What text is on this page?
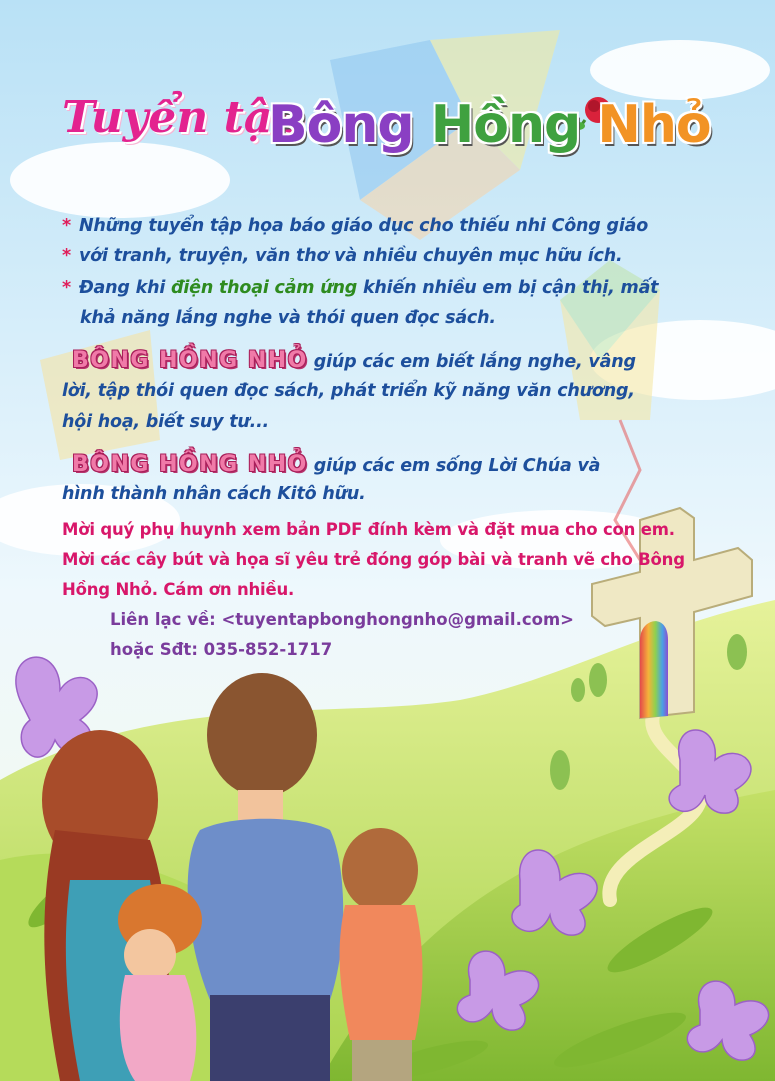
Tuyển tập
Bông Hồng Nhỏ
* Những tuyển tập họa báo giáo dục cho thiếu nhi Công giáo
* với tranh, truyện, văn thơ và nhiều chuyên mục hữu ích.
* Đang khi điện thoại cảm ứng khiến nhiều em bị cận thị, mất
khả năng lắng nghe và thói quen đọc sách.
BÔNG HỒNG NHỎ giúp các em biết lắng nghe, vâng
lời, tập thói quen đọc sách, phát triển kỹ năng văn chương,
hội hoạ, biết suy tư...
BÔNG HỒNG NHỎ giúp các em sống Lời Chúa và
hình thành nhân cách Kitô hữu.
Mời quý phụ huynh xem bản PDF đính kèm và đặt mua cho con em.
Mời các cây bút và họa sĩ yêu trẻ đóng góp bài và tranh vẽ cho Bông
Hồng Nhỏ. Cám ơn nhiều.
Liên lạc về: <tuyentapbonghongnho@gmail.com>
hoặc Sđt: 035-852-1717
